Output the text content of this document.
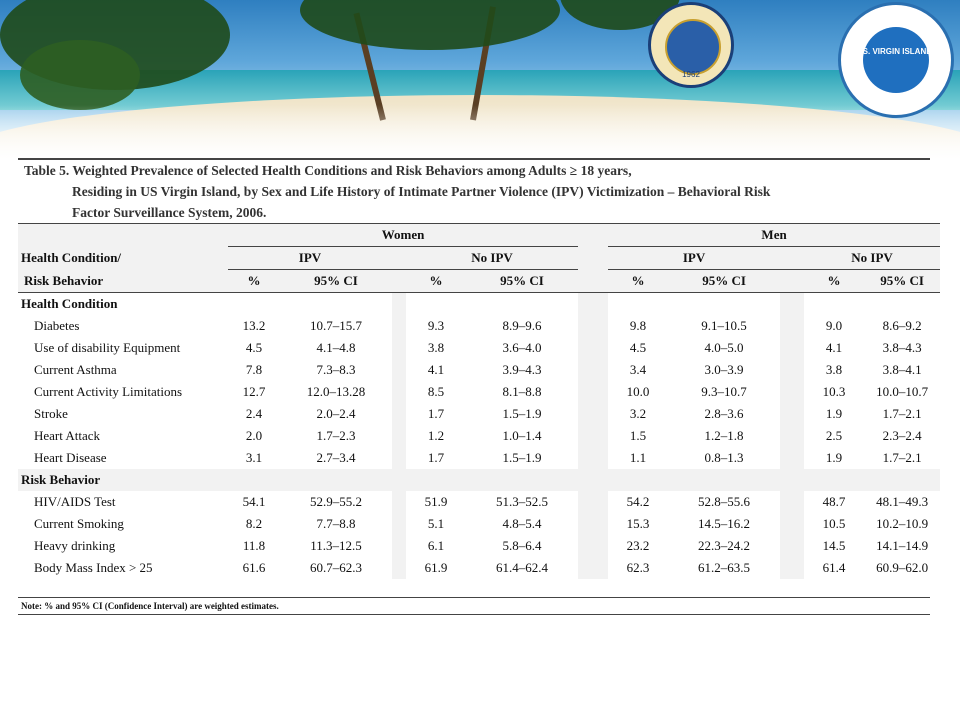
1962
U.S. VIRGIN ISLANDS
Table 5. Weighted Prevalence of Selected Health Conditions and Risk Behaviors among Adults ≥ 18 years,
Residing in US Virgin Island, by Sex and Life History of Intimate Partner Violence (IPV) Victimization – Behavioral Risk
Factor Surveillance System, 2006.
	Women						Men				
Health Condition/	IPV			No IPV			IPV			No IPV	
Risk Behavior	%	95% CI		%	95% CI		%	95% CI		%	95% CI
Health Condition											
Diabetes	13.2	10.7–15.7		9.3	8.9–9.6		9.8	9.1–10.5		9.0	8.6–9.2
Use of disability Equipment	4.5	4.1–4.8		3.8	3.6–4.0		4.5	4.0–5.0		4.1	3.8–4.3
Current Asthma	7.8	7.3–8.3		4.1	3.9–4.3		3.4	3.0–3.9		3.8	3.8–4.1
Current Activity Limitations	12.7	12.0–13.28		8.5	8.1–8.8		10.0	9.3–10.7		10.3	10.0–10.7
Stroke	2.4	2.0–2.4		1.7	1.5–1.9		3.2	2.8–3.6		1.9	1.7–2.1
Heart Attack	2.0	1.7–2.3		1.2	1.0–1.4		1.5	1.2–1.8		2.5	2.3–2.4
Heart Disease	3.1	2.7–3.4		1.7	1.5–1.9		1.1	0.8–1.3		1.9	1.7–2.1
Risk Behavior											
HIV/AIDS Test	54.1	52.9–55.2		51.9	51.3–52.5		54.2	52.8–55.6		48.7	48.1–49.3
Current Smoking	8.2	7.7–8.8		5.1	4.8–5.4		15.3	14.5–16.2		10.5	10.2–10.9
Heavy drinking	11.8	11.3–12.5		6.1	5.8–6.4		23.2	22.3–24.2		14.5	14.1–14.9
Body Mass Index > 25	61.6	60.7–62.3		61.9	61.4–62.4		62.3	61.2–63.5		61.4	60.9–62.0
Note: % and 95% CI (Confidence Interval) are weighted estimates.
